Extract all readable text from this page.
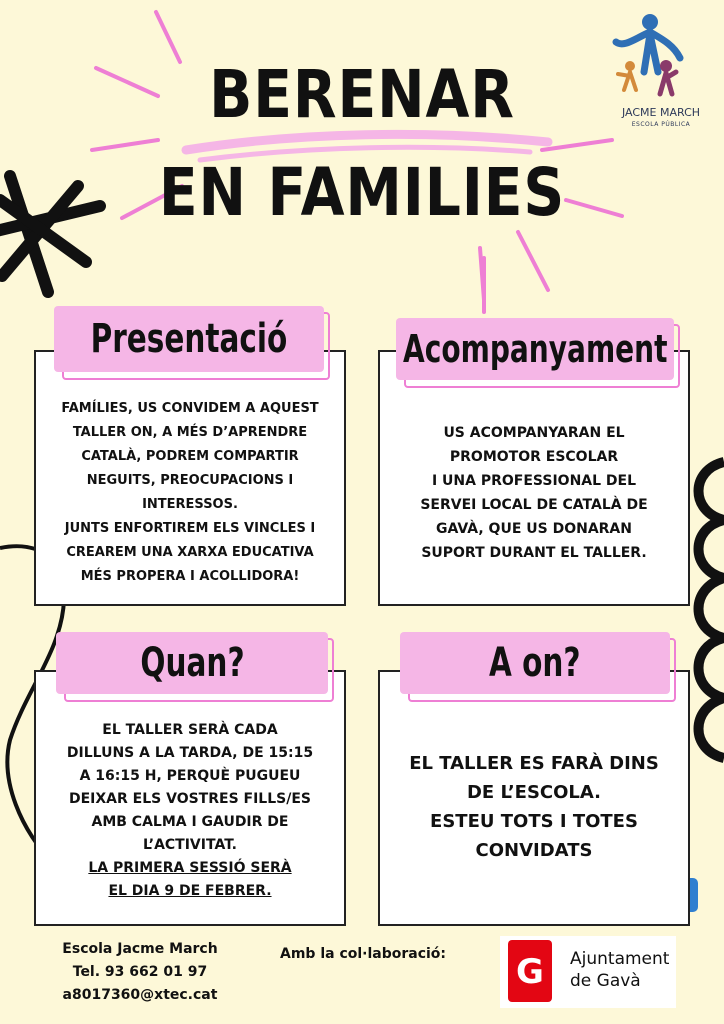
BERENAR
EN FAMILIES
JACME MARCH
ESCOLA PÚBLICA
FAMÍLIES, US CONVIDEM A AQUEST
TALLER ON, A MÉS D’APRENDRE
CATALÀ, PODREM COMPARTIR
NEGUITS, PREOCUPACIONS I
INTERESSOS.
JUNTS ENFORTIREM ELS VINCLES I
CREAREM UNA XARXA EDUCATIVA
MÉS PROPERA I ACOLLIDORA!
Presentació
US ACOMPANYARAN EL
PROMOTOR ESCOLAR
I UNA PROFESSIONAL DEL
SERVEI LOCAL DE CATALÀ DE
GAVÀ, QUE US DONARAN
SUPORT DURANT EL TALLER.
Acompanyament
EL TALLER SERÀ CADA
DILLUNS A LA TARDA, DE 15:15
A 16:15 H, PERQUÈ PUGUEU
DEIXAR ELS VOSTRES FILLS/ES
AMB CALMA I GAUDIR DE
L’ACTIVITAT.
LA PRIMERA SESSIÓ SERÀ
EL DIA 9 DE FEBRER.
Quan?
EL TALLER ES FARÀ DINS
DE L’ESCOLA.
ESTEU TOTS I TOTES
CONVIDATS
A on?
Escola Jacme March
Tel. 93 662 01 97
a8017360@xtec.cat
Amb la col·laboració: G	Ajuntament
de Gavà
